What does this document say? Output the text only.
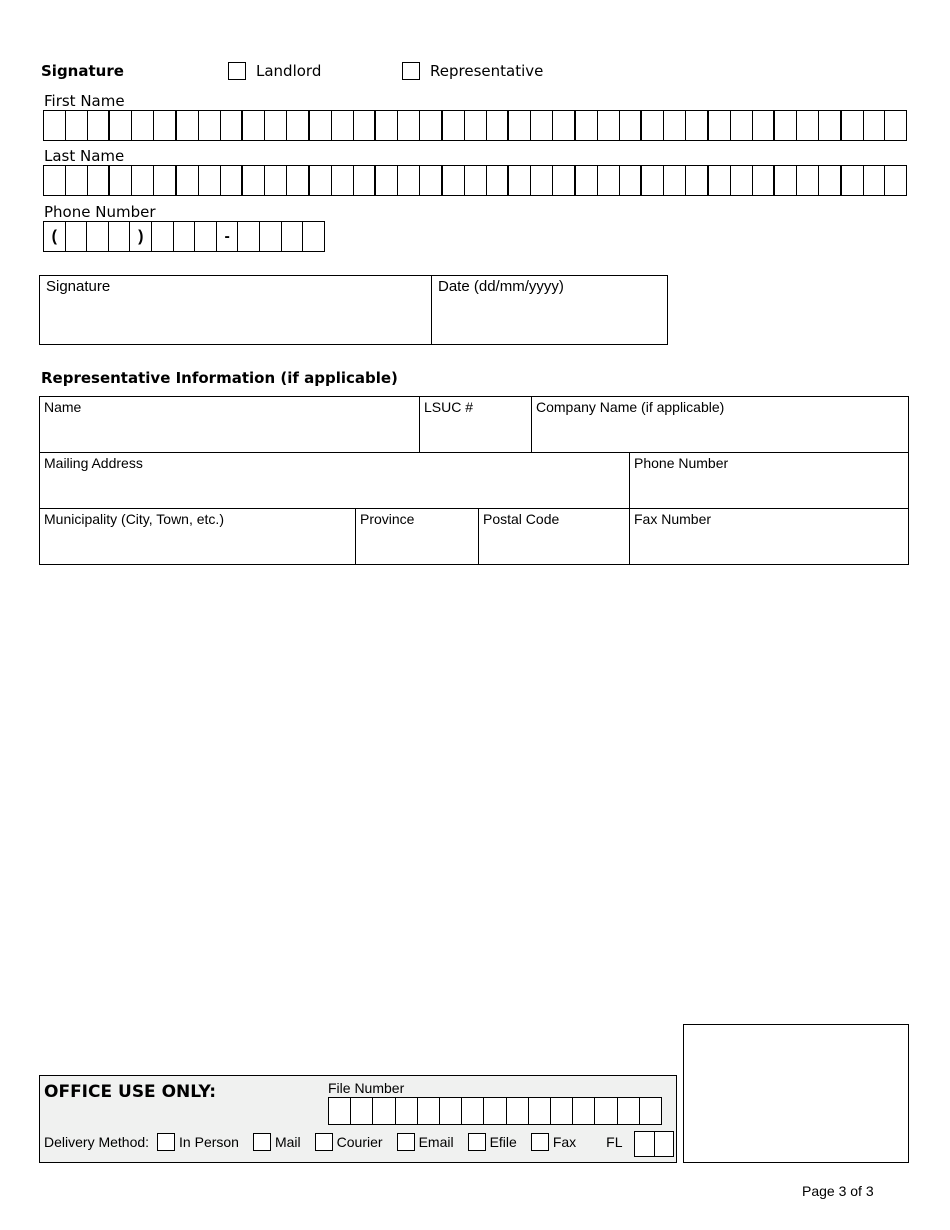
Signature	Landlord	Representative
First Name
Last Name
Phone Number
(	)	-
Signature	Date (dd/mm/yyyy)
Representative Information (if applicable)
Name	LSUC #	Company Name (if applicable)
Mailing Address	Phone Number
Municipality (City, Town, etc.)	Province	Postal Code	Fax Number
OFFICE USE ONLY:	File Number
Delivery Method: In Person	Mail	Courier	Email	Efile	Fax FL
Page 3 of 3
